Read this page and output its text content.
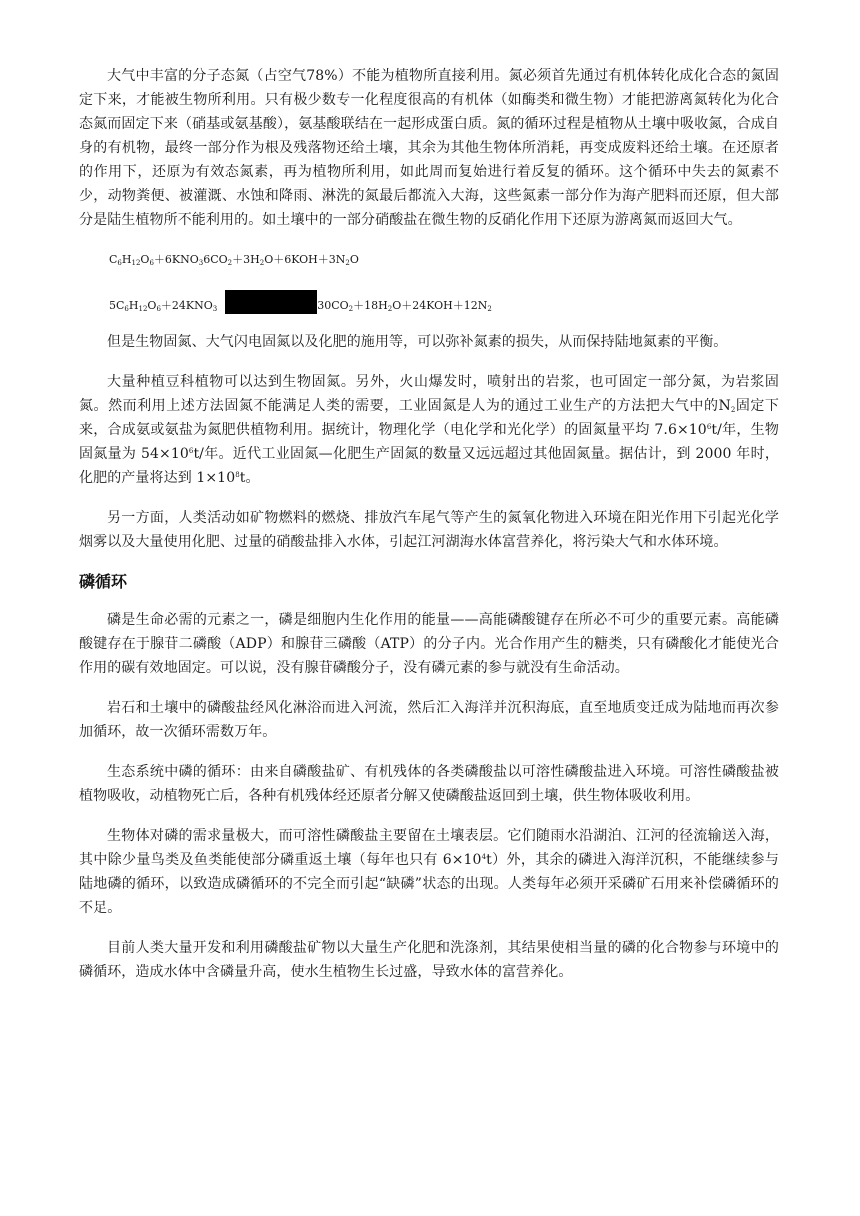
大气中丰富的分子态氮（占空气78%）不能为植物所直接利用。氮必须首先通过有机体转化成化合态的氮固定下来，才能被生物所利用。只有极少数专一化程度很高的有机体（如酶类和微生物）才能把游离氮转化为化合态氮而固定下来（硝基或氨基酸），氨基酸联结在一起形成蛋白质。氮的循环过程是植物从土壤中吸收氮，合成自身的有机物，最终一部分作为根及残落物还给土壤，其余为其他生物体所消耗，再变成废料还给土壤。在还原者的作用下，还原为有效态氮素，再为植物所利用，如此周而复始进行着反复的循环。这个循环中失去的氮素不少，动物粪便、被灌溉、水蚀和降雨、淋洗的氮最后都流入大海，这些氮素一部分作为海产肥料而还原，但大部分是陆生植物所不能利用的。如土壤中的一部分硝酸盐在微生物的反硝化作用下还原为游离氮而返回大气。

$C_6H_{12}O_6+6KNO_36CO_2+3H_2O+6KOH+3N_2O$
$5C_6H_{12}O_6+24KNO_3$	$30CO_2+18H_2O+24KOH+12N_2$

但是生物固氮、大气闪电固氮以及化肥的施用等，可以弥补氮素的损失，从而保持陆地氮素的平衡。

大量种植豆科植物可以达到生物固氮。另外，火山爆发时，喷射出的岩浆，也可固定一部分氮，为岩浆固氮。然而利用上述方法固氮不能满足人类的需要，工业固氮是人为的通过工业生产的方法把大气中的$N_2$固定下来，合成氨或氨盐为氮肥供植物利用。据统计，物理化学（电化学和光化学）的固氮量平均 $7.6\times 10^6t/$年，生物固氮量为 $54\times 10^6t/$年。近代工业固氮—化肥生产固氮的数量又远远超过其他固氮量。据估计，到 2000 年时，化肥的产量将达到 $1\times 10^8t$。

另一方面，人类活动如矿物燃料的燃烧、排放汽车尾气等产生的氮氧化物进入环境在阳光作用下引起光化学烟雾以及大量使用化肥、过量的硝酸盐排入水体，引起江河湖海水体富营养化，将污染大气和水体环境。

磷循环

磷是生命必需的元素之一，磷是细胞内生化作用的能量——高能磷酸键存在所必不可少的重要元素。高能磷酸键存在于腺苷二磷酸（ADP）和腺苷三磷酸（ATP）的分子内。光合作用产生的糖类，只有磷酸化才能使光合作用的碳有效地固定。可以说，没有腺苷磷酸分子，没有磷元素的参与就没有生命活动。

岩石和土壤中的磷酸盐经风化淋浴而进入河流，然后汇入海洋并沉积海底，直至地质变迁成为陆地而再次参加循环，故一次循环需数万年。

生态系统中磷的循环：由来自磷酸盐矿、有机残体的各类磷酸盐以可溶性磷酸盐进入环境。可溶性磷酸盐被植物吸收，动植物死亡后，各种有机残体经还原者分解又使磷酸盐返回到土壤，供生物体吸收利用。

生物体对磷的需求量极大，而可溶性磷酸盐主要留在土壤表层。它们随雨水沿湖泊、江河的径流输送入海，其中除少量鸟类及鱼类能使部分磷重返土壤（每年也只有 $6\times 10^4t$）外，其余的磷进入海洋沉积，不能继续参与陆地磷的循环，以致造成磷循环的不完全而引起“缺磷”状态的出现。人类每年必须开采磷矿石用来补偿磷循环的不足。

目前人类大量开发和利用磷酸盐矿物以大量生产化肥和洗涤剂，其结果使相当量的磷的化合物参与环境中的磷循环，造成水体中含磷量升高，使水生植物生长过盛，导致水体的富营养化。
